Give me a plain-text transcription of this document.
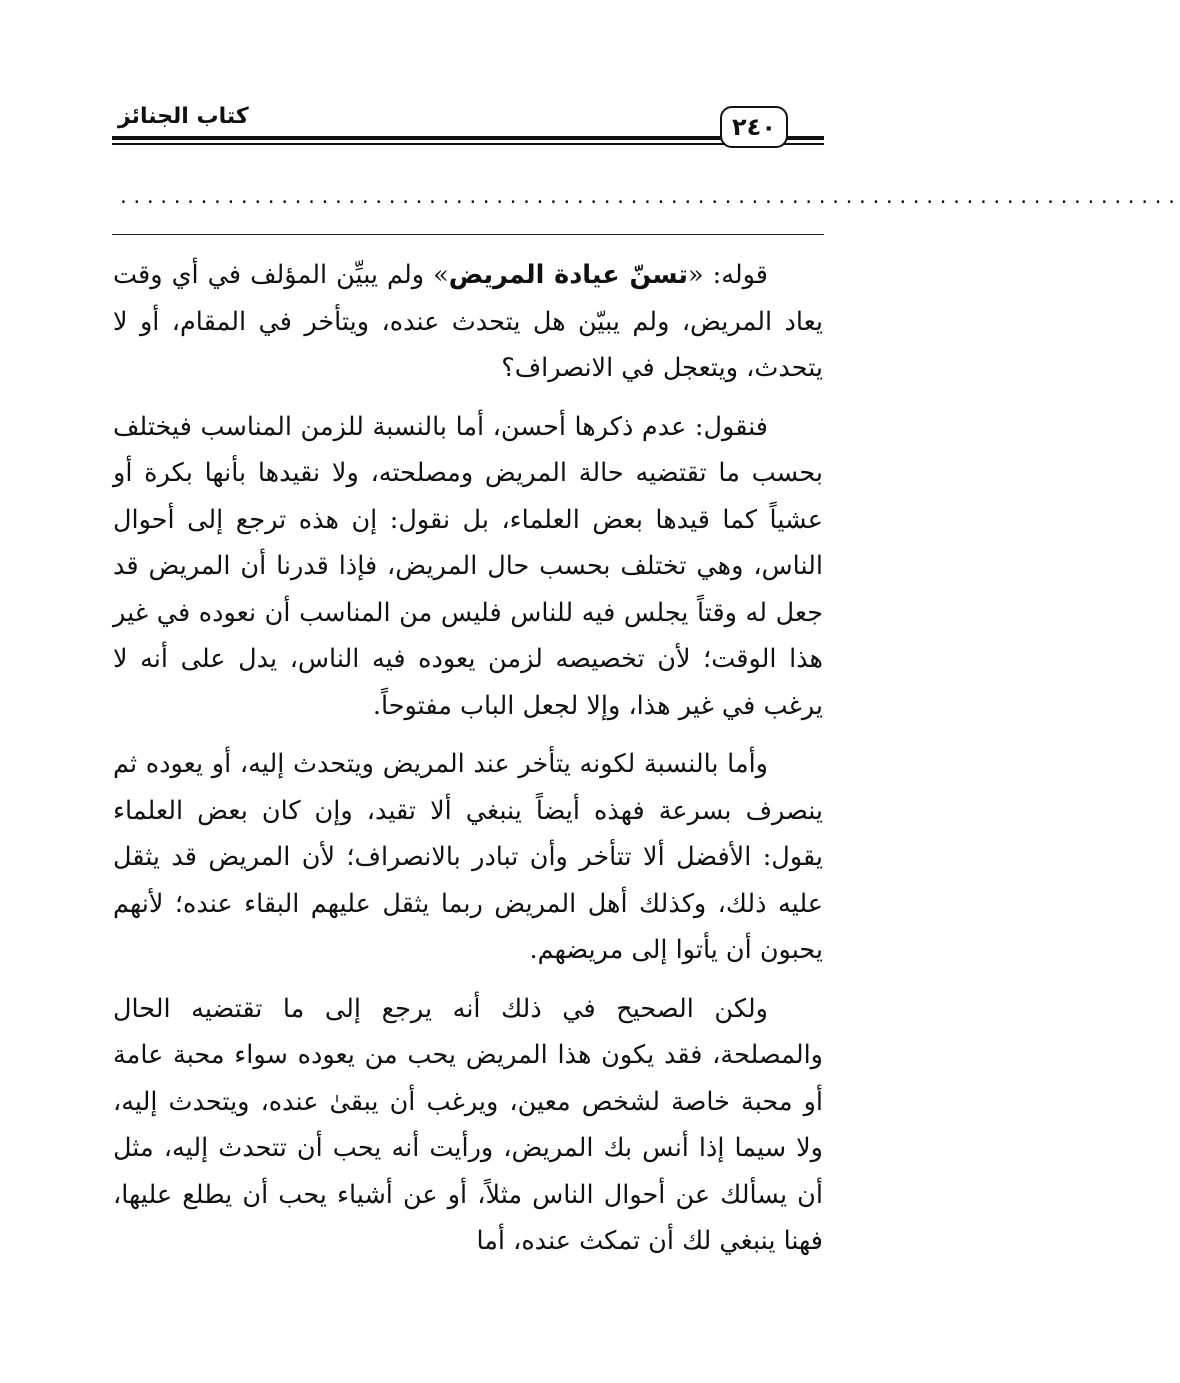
كتاب الجنائز	٢٤٠
...............................................................................

قوله: «تسنّ عيادة المريض» ولم يبيِّن المؤلف في أي وقت يعاد المريض، ولم يبيّن هل يتحدث عنده، ويتأخر في المقام، أو لا يتحدث، ويتعجل في الانصراف؟

فنقول: عدم ذكرها أحسن، أما بالنسبة للزمن المناسب فيختلف بحسب ما تقتضيه حالة المريض ومصلحته، ولا نقيدها بأنها بكرة أو عشياً كما قيدها بعض العلماء، بل نقول: إن هذه ترجع إلى أحوال الناس، وهي تختلف بحسب حال المريض، فإذا قدرنا أن المريض قد جعل له وقتاً يجلس فيه للناس فليس من المناسب أن نعوده في غير هذا الوقت؛ لأن تخصيصه لزمن يعوده فيه الناس، يدل على أنه لا يرغب في غير هذا، وإلا لجعل الباب مفتوحاً.

وأما بالنسبة لكونه يتأخر عند المريض ويتحدث إليه، أو يعوده ثم ينصرف بسرعة فهذه أيضاً ينبغي ألا تقيد، وإن كان بعض العلماء يقول: الأفضل ألا تتأخر وأن تبادر بالانصراف؛ لأن المريض قد يثقل عليه ذلك، وكذلك أهل المريض ربما يثقل عليهم البقاء عنده؛ لأنهم يحبون أن يأتوا إلى مريضهم.

ولكن الصحيح في ذلك أنه يرجع إلى ما تقتضيه الحال والمصلحة، فقد يكون هذا المريض يحب من يعوده سواء محبة عامة أو محبة خاصة لشخص معين، ويرغب أن يبقىٰ عنده، ويتحدث إليه، ولا سيما إذا أنس بك المريض، ورأيت أنه يحب أن تتحدث إليه، مثل أن يسألك عن أحوال الناس مثلاً، أو عن أشياء يحب أن يطلع عليها، فهنا ينبغي لك أن تمكث عنده، أما
